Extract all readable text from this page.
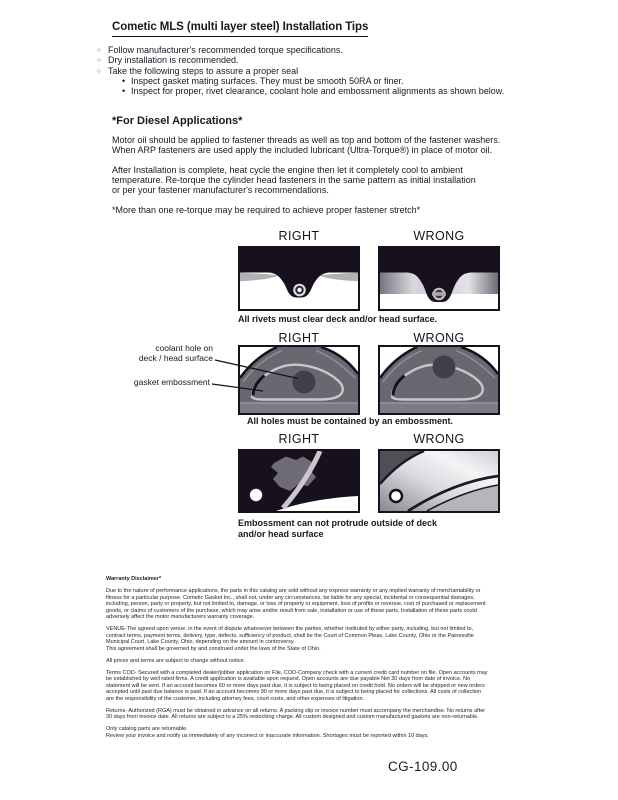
Cometic MLS (multi layer steel) Installation Tips
○ Follow manufacturer's recommended torque specifications.
○ Dry installation is recommended.
○ Take the following steps to assure a proper seal
• Inspect gasket mating surfaces. They must be smooth 50RA or finer.
• Inspect for proper, rivet clearance, coolant hole and embossment alignments as shown below.
*For Diesel Applications*
Motor oil should be applied to fastener threads as well as top and bottom of the fastener washers.
When ARP fasteners are used apply the included lubricant (Ultra-Torque®) in place of motor oil.
After Installation is complete, heat cycle the engine then let it completely cool to ambient
temperature. Re-torque the cylinder head fasteners in the same pattern as initial installation
or per your fastener manufacturer's recommendations.
*More than one re-torque may be required to achieve proper fastener stretch*
RIGHT	WRONG
All rivets must clear deck and/or head surface.
RIGHT	WRONG
coolant hole on
deck / head surface
gasket embossment
All holes must be contained by an embossment.
RIGHT	WRONG
Embossment can not protrude outside of deck
and/or head surface
Warranty Disclaimer*
Due to the nature of performance applications, the parts in this catalog are sold without any express warranty or any implied warranty of merchantability or
fitness for a particular purpose. Cometic Gasket Inc., shall not, under any circumstances, be liable for any special, incidental or consequential damages,
including, person, party or property, but not limited to, damage, or loss of property or equipment, loss of profits or revenue, cost of purchased or replacement
goods, or claims of customers of the purchase, which may arise and/or result from sale, installation or use of these parts. Installation of these parts could
adversely affect the motor manufacturers warranty coverage.
VENUE-The agreed upon venue, in the event of dispute whatsoever between the parties, whether instituted by either party, including, but not limited to,
contract terms, payment terms, delivery, type, defects, sufficiency of product, shall be the Court of Common Pleas, Lake County, Ohio or the Painesville
Municipal Court, Lake County, Ohio, depending on the amount in controversy.
This agreement shall be governed by and construed under the laws of the State of Ohio.
All prices and terms are subject to change without notice.
Terms COD- Secured with a completed dealer/jobber application on File, COD-Company check with a current credit card number on file. Open accounts may
be established by well rated firms. A credit application is available upon request. Open accounts are due payable Net 30 days from date of invoice. No
statement will be sent. If an account becomes 60 or more days past due, it is subject to being placed on credit hold. No orders will be shipped or new orders
accepted until past due balance is paid. If an account becomes 90 or more days past due, it is subject to being placed for collections. All costs of collection
are the responsibility of the customer, including attorney fees, court costs, and other expenses of litigation.
Returns- Authorized (RGA) must be obtained in advance on all returns. A packing slip or invoice number must accompany the merchandise. No returns after
30 days from invoice date. All returns are subject to a 25% restocking charge. All custom designed and custom manufactured gaskets are non-returnable.
Only catalog parts are returnable.
Review your invoice and notify us immediately of any incorrect or inaccurate information. Shortages must be reported within 10 days.
CG-109.00
